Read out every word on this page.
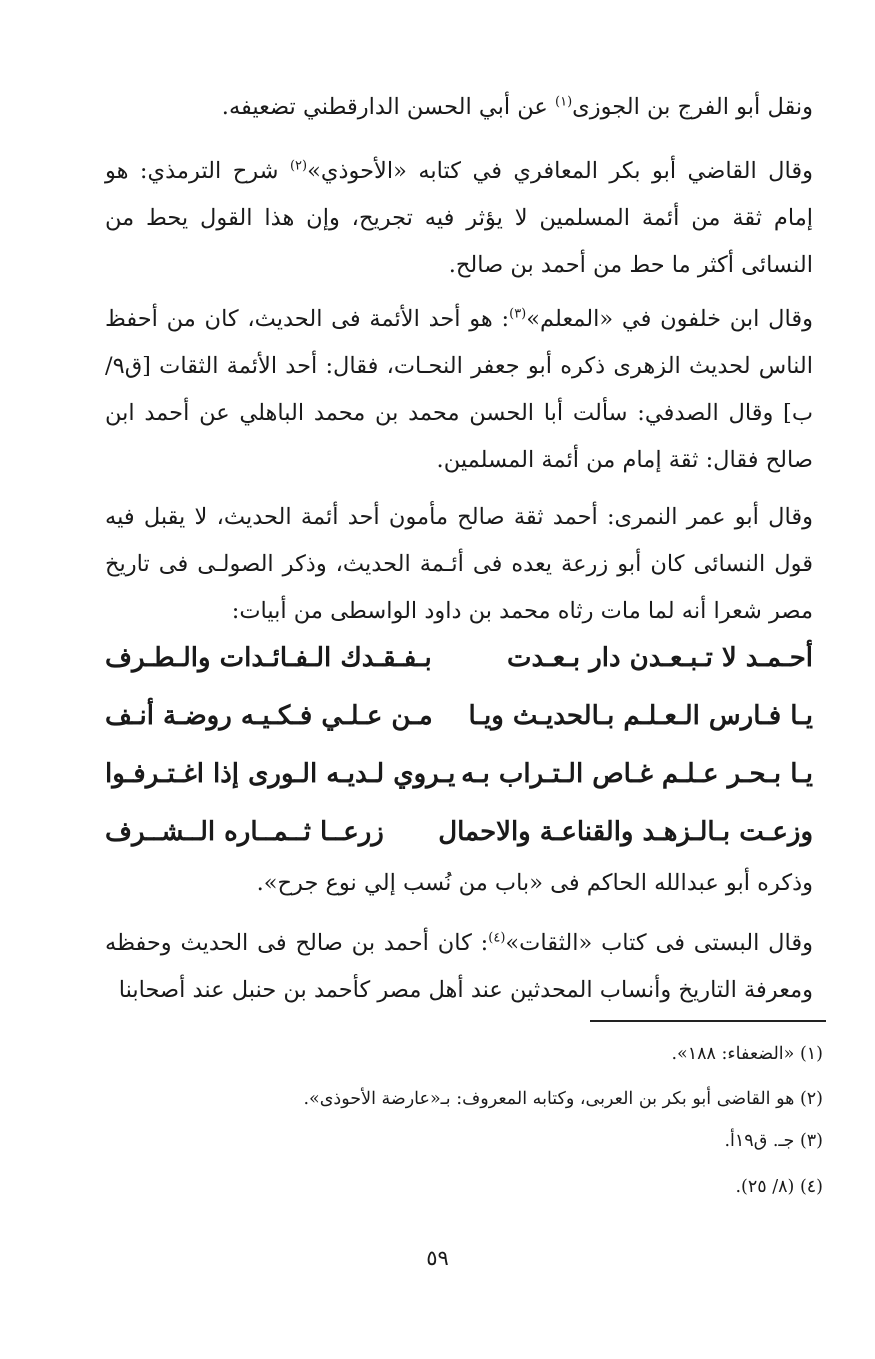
ونقل أبو الفرج بن الجوزى$^{(١)}$ عن أبي الحسن الدارقطني تضعيفه.

وقال القاضي أبو بكر المعافري في كتابه «الأحوذي»$^{(٢)}$ شرح الترمذي: هو إمام ثقة من أئمة المسلمين لا يؤثر فيه تجريح، وإن هذا القول يحط من النسائى أكثر ما حط من أحمد بن صالح.

وقال ابن خلفون في «المعلم»$^{(٣)}$: هو أحد الأئمة فى الحديث، كان من أحفظ الناس لحديث الزهرى ذكره أبو جعفر النحـات، فقال: أحد الأئمة الثقات [ق٩/ ب] وقال الصدفي: سألت أبا الحسن محمد بن محمد الباهلي عن أحمد ابن صالح فقال: ثقة إمام من أئمة المسلمين.

وقال أبو عمر النمرى: أحمد ثقة صالح مأمون أحد أئمة الحديث، لا يقبل فيه قول النسائى كان أبو زرعة يعده فى أئـمة الحديث، وذكر الصولـى فى تاريخ مصر شعرا أنه لما مات رثاه محمد بن داود الواسطى من أبيات:

أحـمـد لا تـبـعـدن دار بـعـدت
بـفـقـدك الـفـائـدات والـطـرف
يـا فـارس الـعـلـم بـالحديـث ويـا
مـن عـلـي فـكـيـه روضـة أنـف
يـا بـحـر عـلـم غـاص الـتـراب بـه
يـروي لـديـه الـورى إذا اغـتـرفـوا
وزعـت بـالـزهـد والقناعـة والاحمال
زرعــا ثــمــاره الــشــرف

وذكره أبو عبدالله الحاكم فى «باب من نُسب إلي نوع جرح».

وقال البستى فى كتاب «الثقات»$^{(٤)}$: كان أحمد بن صالح فى الحديث وحفظه ومعرفة التاريخ وأنساب المحدثين عند أهل مصر كأحمد بن حنبل عند أصحابنا

(١) «الضعفاء: ١٨٨».
(٢) هو القاضى أبو بكر بن العربى، وكتابه المعروف: بـ«عارضة الأحوذى».
(٣) جـ. ق١٩أ.
(٤) (٨/ ٢٥).
٥٩
